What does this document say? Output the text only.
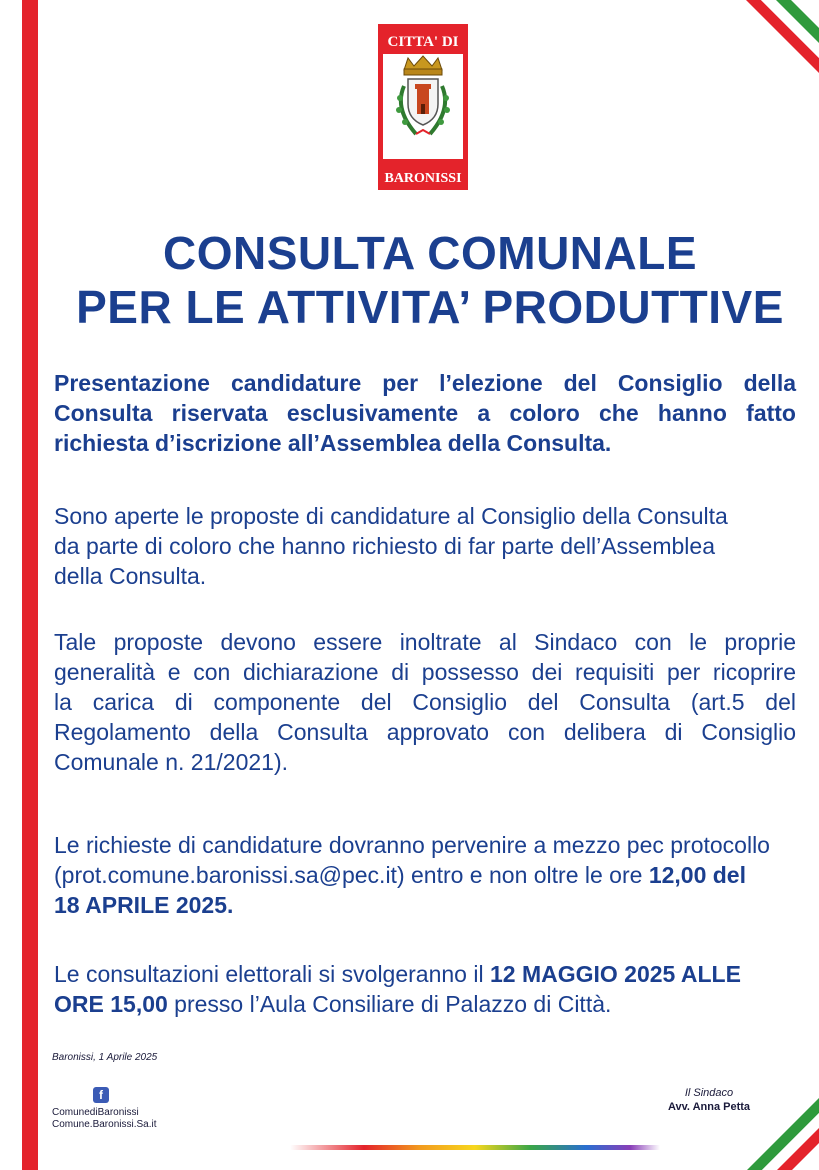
CITTA' DI
BARONISSI
CONSULTA COMUNALE
PER LE ATTIVITA’ PRODUTTIVE

Presentazione candidature per l’elezione del Consiglio della
Consulta riservata esclusivamente a coloro che hanno fatto
richiesta d’iscrizione all’Assemblea della Consulta.

Sono aperte le proposte di candidature al Consiglio della Consulta
da parte di coloro che hanno richiesto di far parte dell’Assemblea
della Consulta.

Tale proposte devono essere inoltrate al Sindaco con le proprie
generalità e con dichiarazione di possesso dei requisiti per ricoprire
la carica di componente del Consiglio del Consulta (art.5 del
Regolamento della Consulta approvato con delibera di Consiglio
Comunale n. 21/2021).

Le richieste di candidature dovranno pervenire a mezzo pec protocollo
(prot.comune.baronissi.sa@pec.it) entro e non oltre le ore 12,00 del
18 APRILE 2025.

Le consultazioni elettorali si svolgeranno il 12 MAGGIO 2025 ALLE
ORE 15,00 presso l’Aula Consiliare di Palazzo di Città.

Baronissi, 1 Aprile 2025
f
ComunediBaronissi
Comune.Baronissi.Sa.it
Il Sindaco
Avv. Anna Petta
